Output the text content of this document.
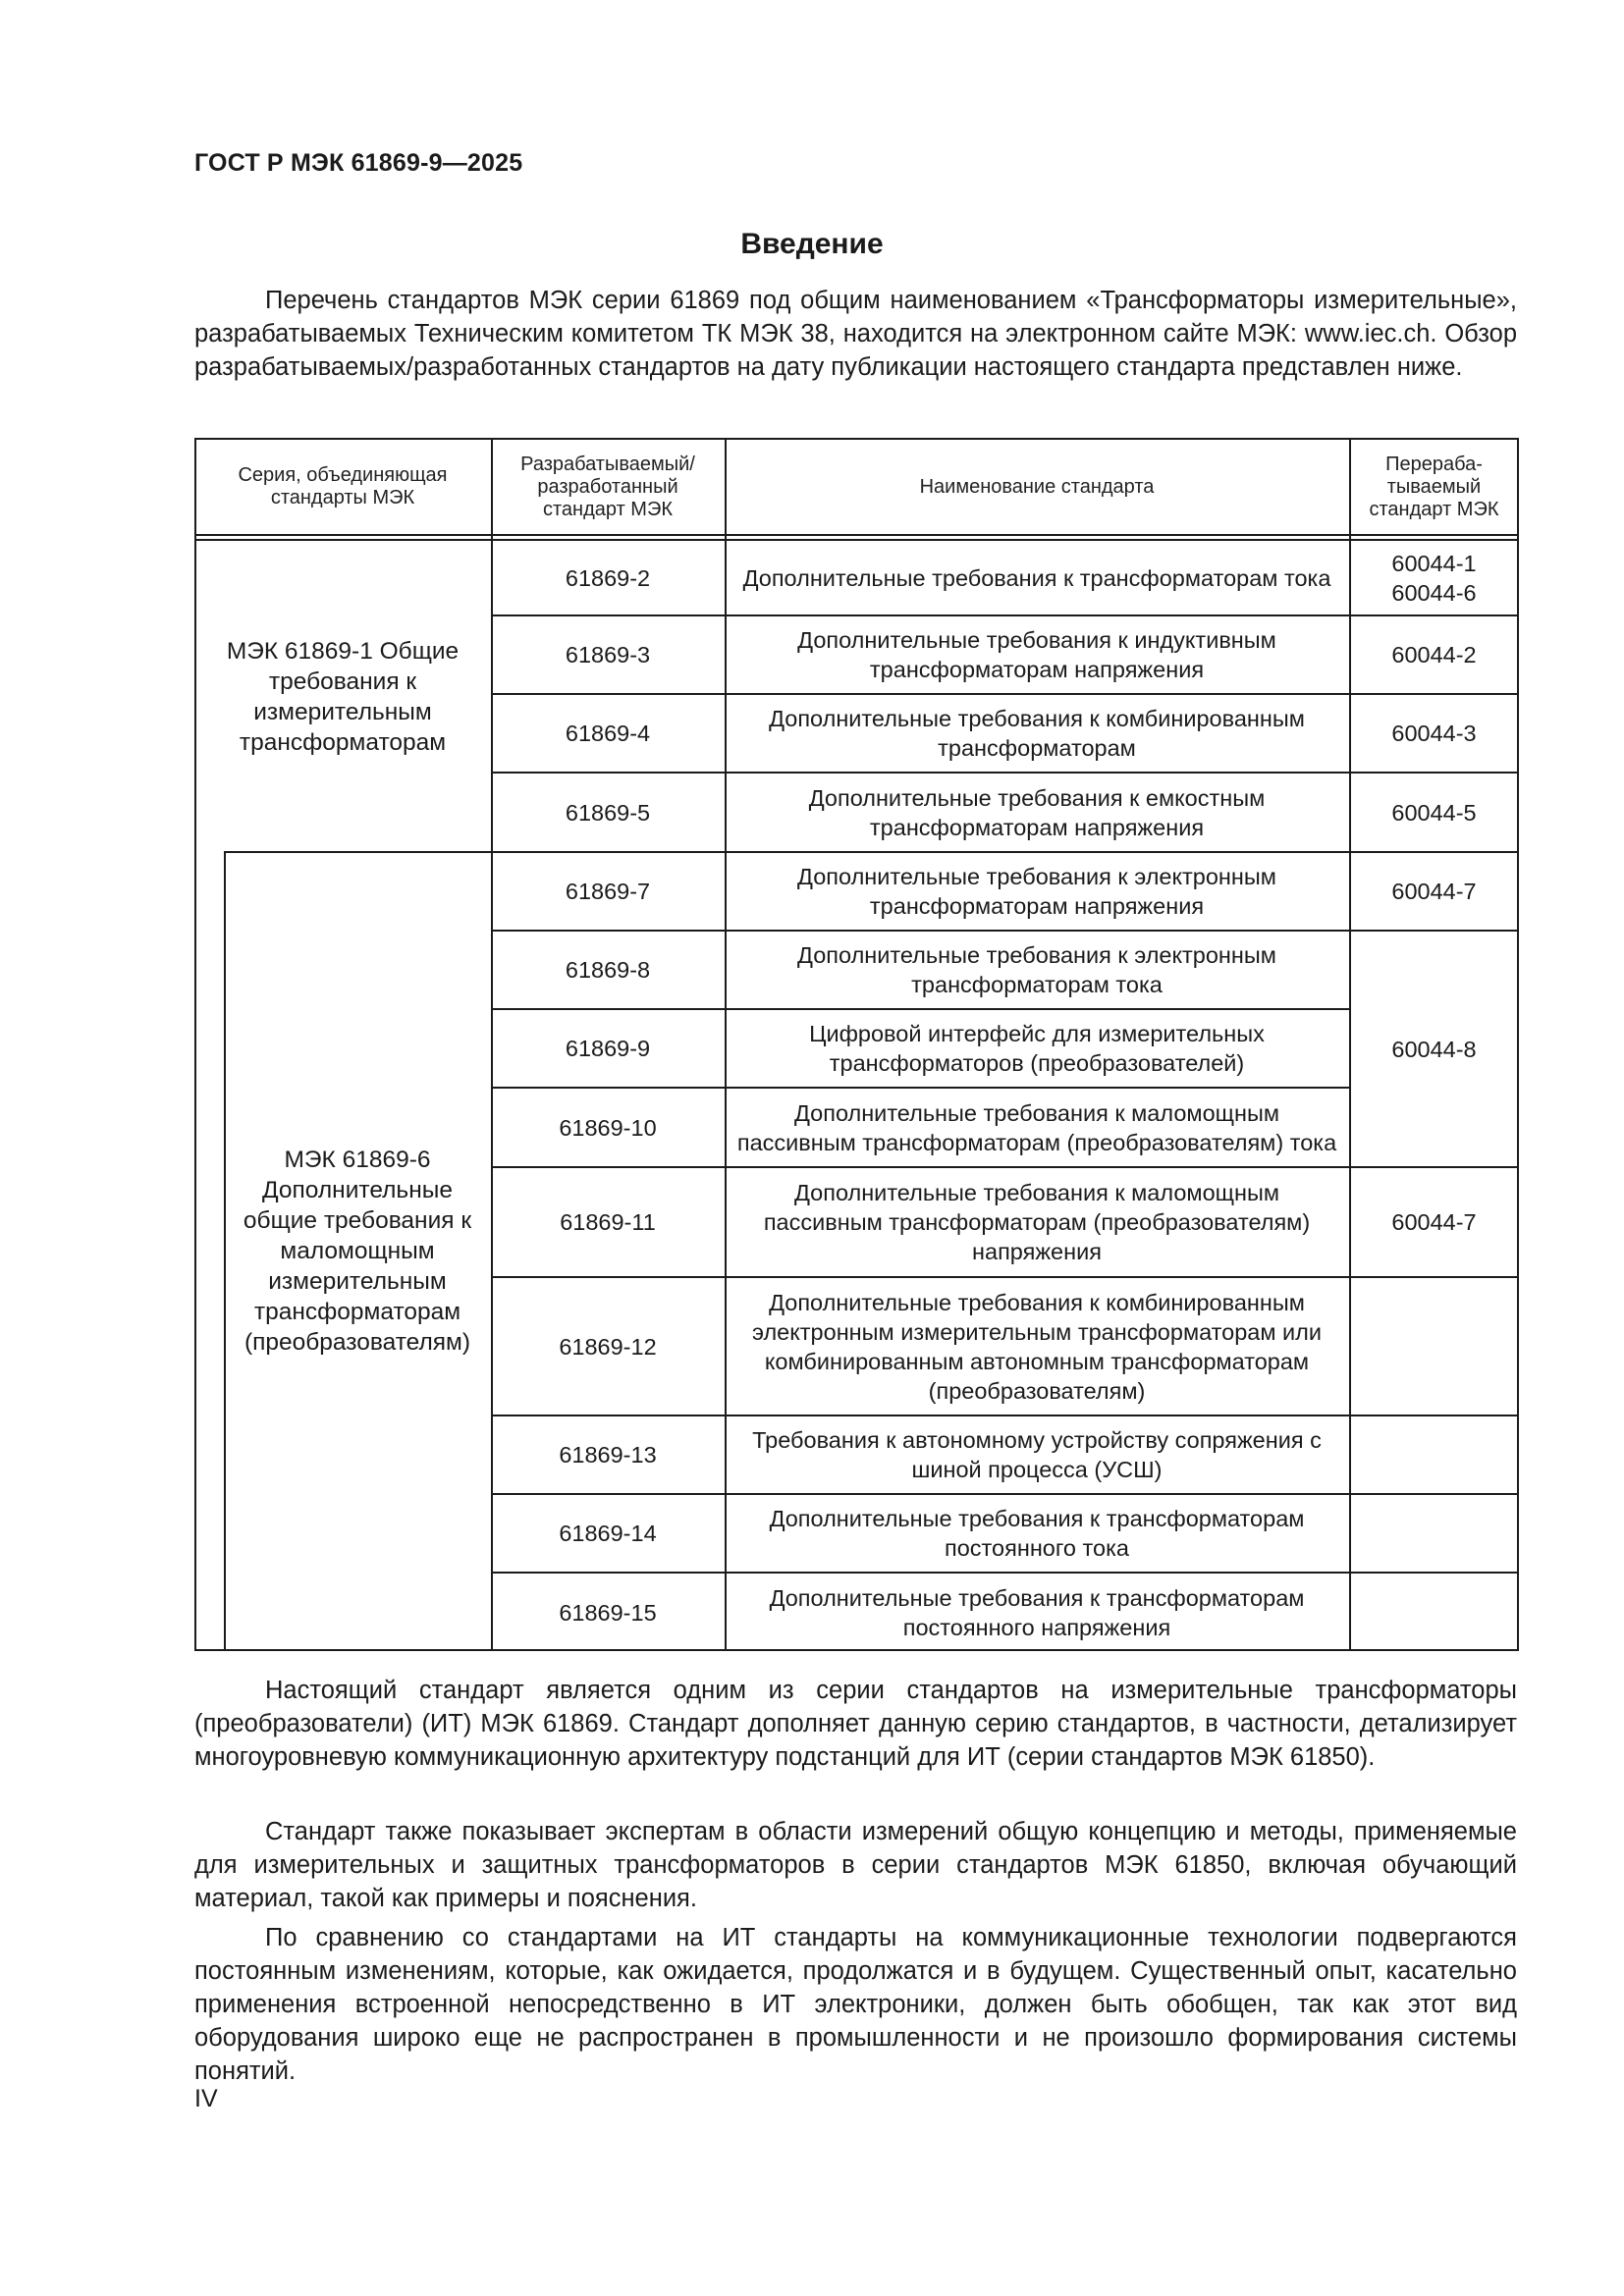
ГОСТ Р МЭК 61869-9—2025
Введение

Перечень стандартов МЭК серии 61869 под общим наименованием «Трансформаторы измерительные», разрабатываемых Техническим комитетом ТК МЭК 38, находится на электронном сайте МЭК: www.iec.ch. Обзор разрабатываемых/разработанных стандартов на дату публикации настоящего стандарта представлен ниже.

Серия, объединяющая стандарты МЭК
Разрабатываемый/ разработанный стандарт МЭК
Наименование стандарта
Перераба- тываемый стандарт МЭК
МЭК 61869-1 Общие требования к измерительным трансформаторам
МЭК 61869-6 Дополнительные общие требования к маломощным измерительным трансформаторам (преобразователям)
61869-2	Дополнительные требования к трансформаторам тока
61869-3
Дополнительные требования к индуктивным трансформаторам напряжения
61869-4
Дополнительные требования к комбинированным трансформаторам
61869-5
Дополнительные требования к емкостным трансформаторам напряжения
61869-7
Дополнительные требования к электронным трансформаторам напряжения
61869-8
Дополнительные требования к электронным трансформаторам тока
61869-9
Цифровой интерфейс для измерительных трансформаторов (преобразователей)
61869-10
Дополнительные требования к маломощным пассивным трансформаторам (преобразователям) тока
61869-11
Дополнительные требования к маломощным пассивным трансформаторам (преобразователям) напряжения
61869-12
Дополнительные требования к комбинированным электронным измерительным трансформаторам или комбинированным автономным трансформаторам (преобразователям)
61869-13
Требования к автономному устройству сопряжения с шиной процесса (УСШ)
61869-14
Дополнительные требования к трансформаторам постоянного тока
61869-15
Дополнительные требования к трансформаторам постоянного напряжения
60044-1 60044-6
60044-2
60044-3
60044-5
60044-7
60044-8
60044-7

Настоящий стандарт является одним из серии стандартов на измерительные трансформаторы (преобразователи) (ИТ) МЭК 61869. Стандарт дополняет данную серию стандартов, в частности, детализирует многоуровневую коммуникационную архитектуру подстанций для ИТ (серии стандартов МЭК 61850).

Стандарт также показывает экспертам в области измерений общую концепцию и методы, применяемые для измерительных и защитных трансформаторов в серии стандартов МЭК 61850, включая обучающий материал, такой как примеры и пояснения.

По сравнению со стандартами на ИТ стандарты на коммуникационные технологии подвергаются постоянным изменениям, которые, как ожидается, продолжатся и в будущем. Существенный опыт, касательно применения встроенной непосредственно в ИТ электроники, должен быть обобщен, так как этот вид оборудования широко еще не распространен в промышленности и не произошло формирования системы понятий.

IV
